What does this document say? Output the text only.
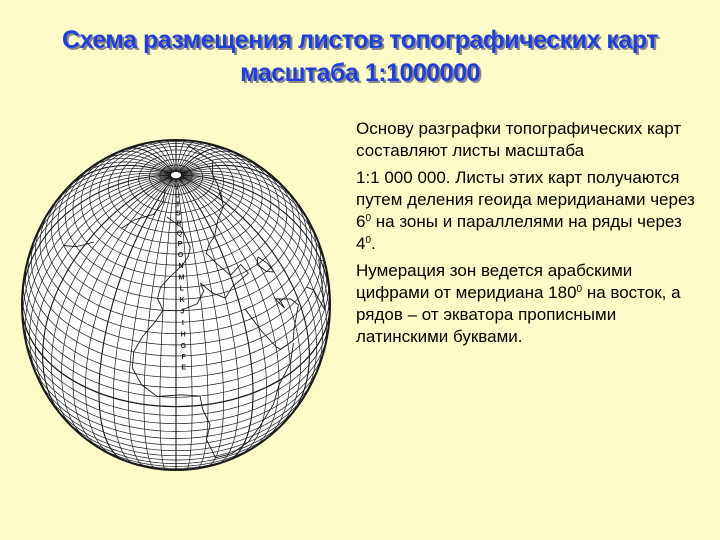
Схема размещения листов топографических карт
масштаба 1:1000000
V
U
T
S
R
Q
P
O
N
M
L
K
J
I
H
G
F
E

Основу разграфки топографических карт составляют листы масштаба

1:1 000 000. Листы этих карт получаются путем деления геоида меридианами через $6^0$ на зоны и параллелями на ряды через $4^0$.

Нумерация зон ведется арабскими цифрами от меридиана $180^0$ на восток, а рядов – от экватора прописными латинскими буквами.
